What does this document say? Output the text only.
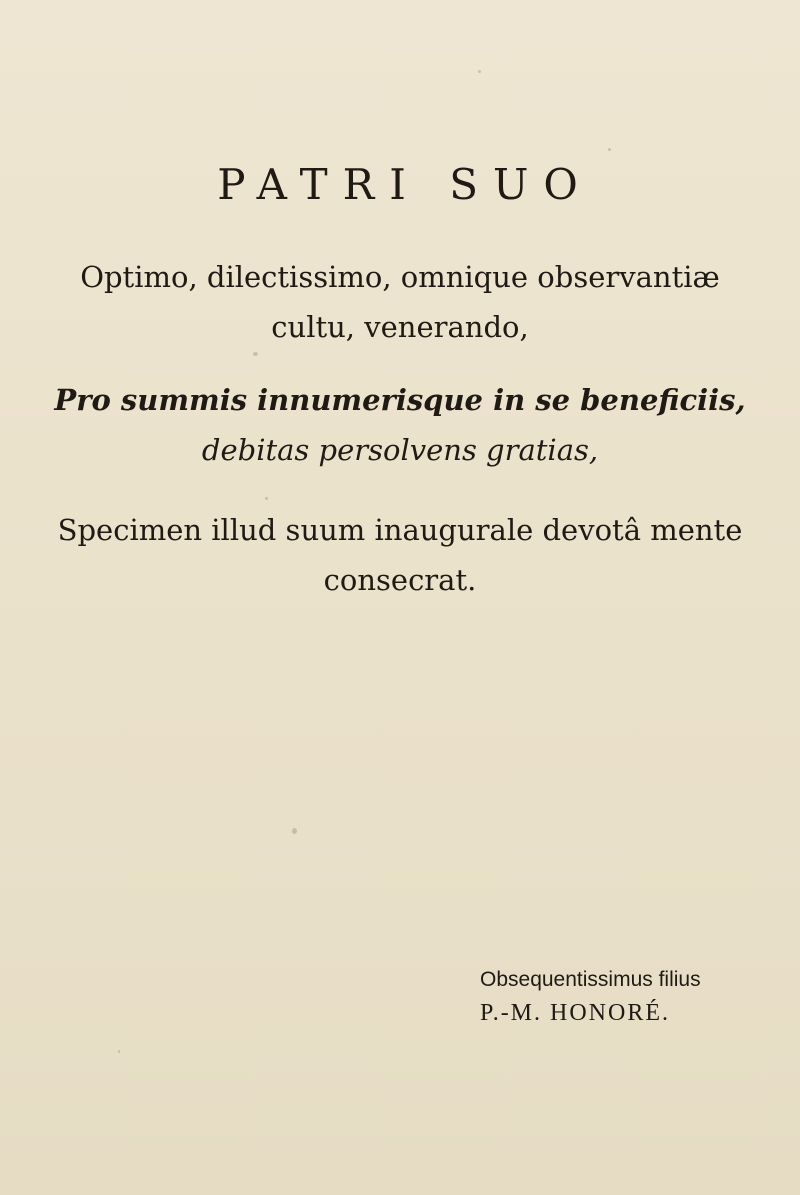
PATRI SUO

Optimo, dilectissimo, omnique observantiæ
cultu, venerando,

Pro summis innumerisque in se beneficiis,
debitas persolvens gratias,

Specimen illud suum inaugurale devotâ mente
consecrat.

Obsequentissimus filius
P.-M. HONORÉ.
